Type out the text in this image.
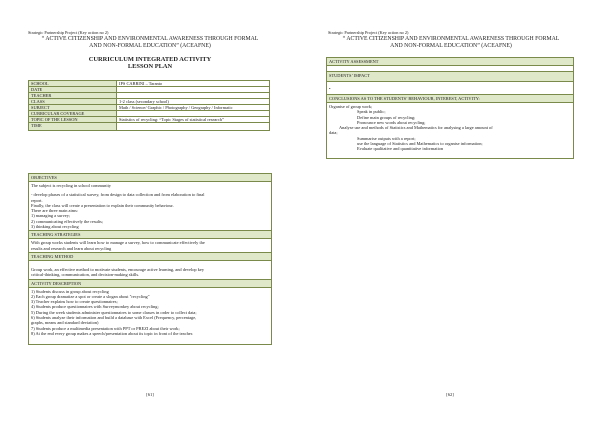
Strategic Partnership Project (Key action no 2)
“ ACTIVE CITIZENSHIP AND ENVIRONMENTAL AWARENESS THROUGH FORMAL
AND NON-FORMAL EDUCATION” (ACEAFNE)
CURRICULUM INTEGRATED ACTIVITY
LESSON PLAN
SCHOOL	IPS CABRINI – Taranto
DATE	
TEACHER	
CLASS	1-2 class (secondary school)
SUBJECT	Math / Science/ Graphic / Photography / Geography / Informatic
CURRICULAR COVERAGE	
TOPIC OF THE LESSON	Statistics of recycling: “Topic Stages of statistical research”
TIME	
OBJECTIVES
The subject is recycling in school community
- develop phases of a statistical survey, from design to data collection and from elaboration to final
report.
Finally, the class will create a presentation to explain their community behaviour.
There are three main aims:
1) managing a survey;
2) communicating effectively the results;
3) thinking about recycling
TEACHING STRATEGIES
With group works students will learn how to manage a survey, how to communicate effectively the
results and research and learn about recycling
TEACHING METHOD
Group work, an effective method to motivate students, encourage active learning, and develop key
critical-thinking, communication, and decision-making skills.
ACTIVITY DESCRIPTION
1) Students discuss in group about recycling
2) Each group dramatize a spot or create a slogan about "recycling"
3) Teacher explains how to create questionnaires;
4) Students produce questionnaires with Surveymonkey about recycling;
5) During the week students administer questionnaires to some classes in order to collect data;
6) Students analyze their information and build a database with Excel (Frequency, percentage,
graphs, means and standard deviation)
7) Students produce a multimedia presentation with PPT or PREZI about their work;
8) At the end every group makes a speech/presentation about its topic in front of the teacher.
[61]
Strategic Partnership Project (Key action no 2)
“ ACTIVE CITIZENSHIP AND ENVIRONMENTAL AWARENESS THROUGH FORMAL
AND NON-FORMAL EDUCATION” (ACEAFNE)
ACTIVITY ASSESSMENT
STUDENTS’ IMPACT
•
CONCLUSIONS AS TO THE STUDENTS’ BEHAVIOUR, INTEREST, ACTIVITY:
Organise of group work;
Speak in public;
Define main groups of recycling;
Pronounce new words about recycling;
Analyse use and methods of Statistics and Mathematics for analysing a large amount of
data;
Summarise outputs with a report;
use the language of Statistics and Mathematics to organise information;
Evaluate qualitative and quantitative information
[62]
